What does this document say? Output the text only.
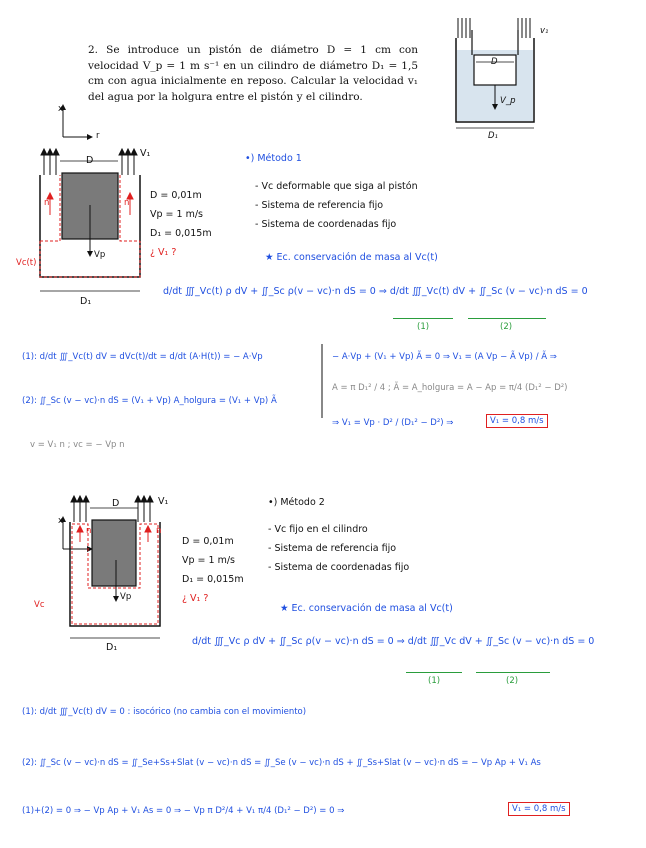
2. Se introduce un pistón de diámetro D = 1 cm con velocidad V_p = 1 m s⁻¹ en un cilindro de diámetro D₁ = 1,5 cm con agua inicialmente en reposo. Calcular la velocidad v₁ del agua por la holgura entre el pistón y el cilindro.
v₁
D
V_p
D₁
x
r
V₁
D
n	n
Vp
Vc(t)
D₁
D = 0,01m
Vp = 1 m/s
D₁ = 0,015m
¿ V₁ ?
•) Método 1
- Vc deformable que siga al pistón
- Sistema de referencia fijo
- Sistema de coordenadas fijo
★ Ec. conservación de masa al Vc(t)
d/dt ∭_Vc(t) ρ dV + ∬_Sc ρ(v − vc)·n dS = 0 ⇒ d/dt ∭_Vc(t) dV + ∬_Sc (v − vc)·n dS = 0
(1)	(2)
(1): d/dt ∭_Vc(t) dV = dVc(t)/dt = d/dt (A·H(t)) = − A·Vp
(2): ∬_Sc (v − vc)·n dS = (V₁ + Vp) A_holgura = (V₁ + Vp) Ã
− A·Vp + (V₁ + Vp) Ã = 0 ⇒ V₁ = (A Vp − Ã Vp) / Ã ⇒
A = π D₁² / 4 ; Ã = A_holgura = A − Ap = π/4 (D₁² − D²)
⇒ V₁ = Vp · D² / (D₁² − D²) ⇒	V₁ = 0,8 m/s
v = V₁ n ; vc = − Vp n
x
V₁
D
n	n
Vp
Vc
D₁
D = 0,01m
Vp = 1 m/s
D₁ = 0,015m
¿ V₁ ?
•) Método 2
- Vc fijo en el cilindro
- Sistema de referencia fijo
- Sistema de coordenadas fijo
★ Ec. conservación de masa al Vc(t)
d/dt ∭_Vc ρ dV + ∬_Sc ρ(v − vc)·n dS = 0 ⇒ d/dt ∭_Vc dV + ∬_Sc (v − vc)·n dS = 0
(1)	(2)
(1): d/dt ∭_Vc(t) dV = 0 : isocórico (no cambia con el movimiento)
(2): ∬_Sc (v − vc)·n dS = ∬_Se+Ss+Slat (v − vc)·n dS = ∬_Se (v − vc)·n dS + ∬_Ss+Slat (v − vc)·n dS = − Vp Ap + V₁ As
(1)+(2) = 0 ⇒ − Vp Ap + V₁ As = 0 ⇒ − Vp π D²/4 + V₁ π/4 (D₁² − D²) = 0 ⇒	V₁ = 0,8 m/s
